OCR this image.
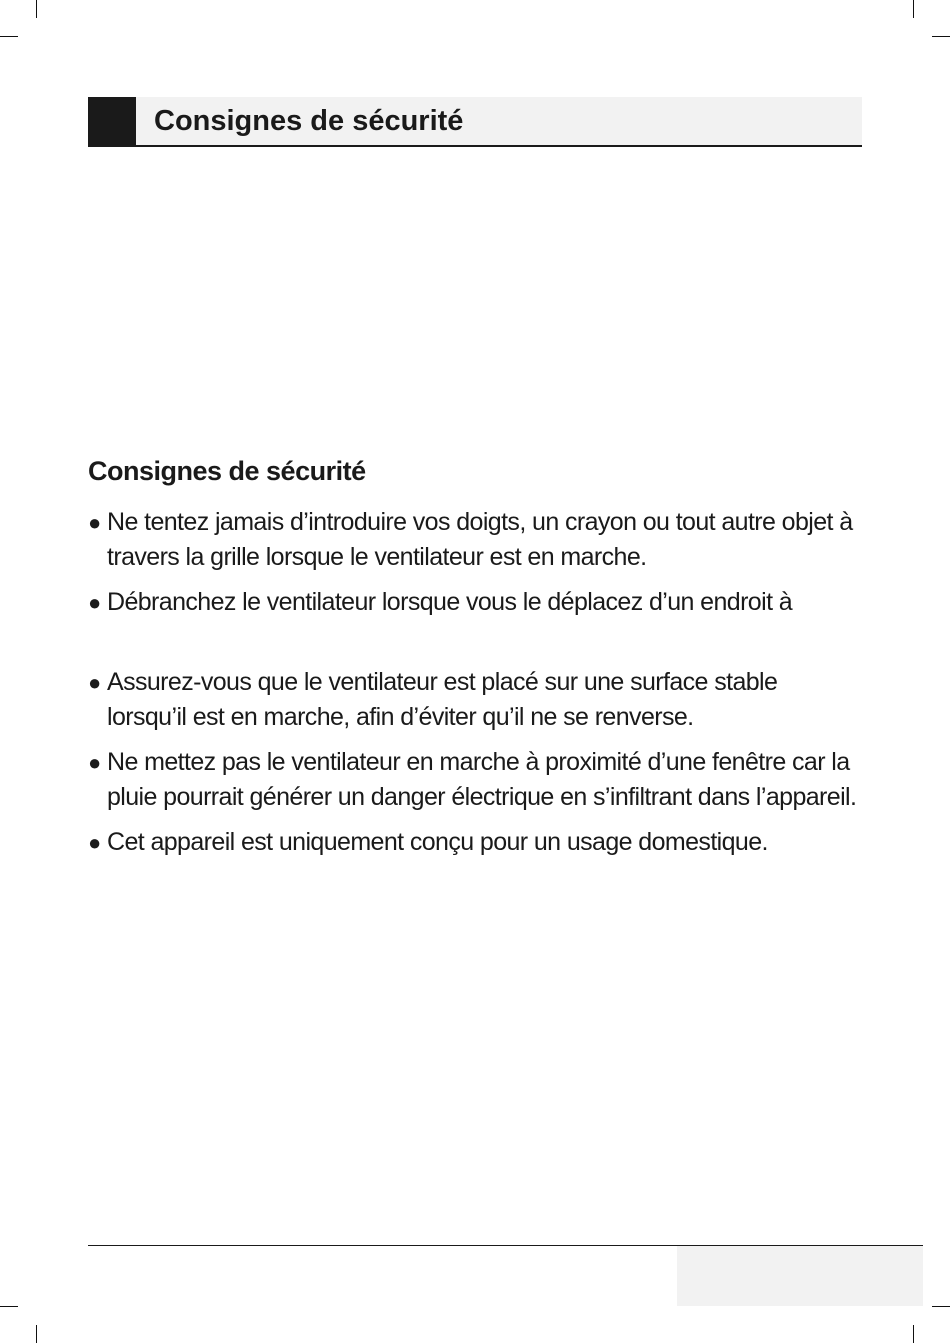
Consignes de sécurité
Consignes de sécurité
● Ne tentez jamais d’introduire vos doigts, un crayon ou tout autre objet à travers la grille lorsque le ventilateur est en marche.
● Débranchez le ventilateur lorsque vous le déplacez d’un endroit à
● Assurez-vous que le ventilateur est placé sur une surface stable lorsqu’il est en marche, afin d’éviter qu’il ne se renverse.
● Ne mettez pas le ventilateur en marche à proximité d’une fenêtre car la pluie pourrait générer un danger électrique en s’infiltrant dans l’appareil.
● Cet appareil est uniquement conçu pour un usage domestique.
